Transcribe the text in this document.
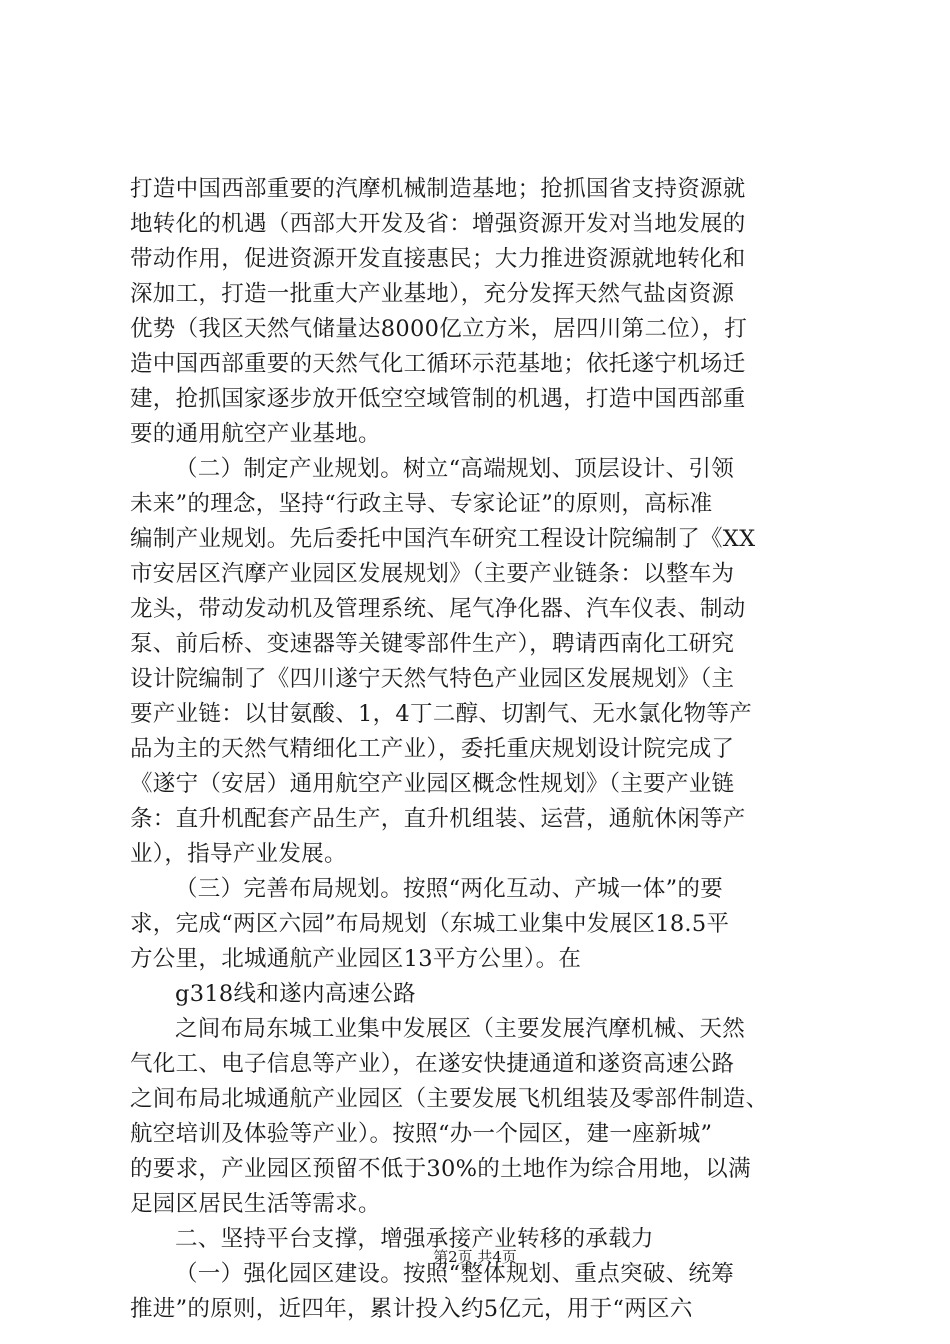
打造中国西部重要的汽摩机械制造基地；抢抓国省支持资源就
地转化的机遇（西部大开发及省：增强资源开发对当地发展的
带动作用，促进资源开发直接惠民；大力推进资源就地转化和
深加工，打造一批重大产业基地），充分发挥天然气盐卤资源
优势（我区天然气储量达8000亿立方米，居四川第二位），打
造中国西部重要的天然气化工循环示范基地；依托遂宁机场迁
建，抢抓国家逐步放开低空空域管制的机遇，打造中国西部重
要的通用航空产业基地。
（二）制定产业规划。树立“高端规划、顶层设计、引领
未来”的理念，坚持“行政主导、专家论证”的原则，高标准
编制产业规划。先后委托中国汽车研究工程设计院编制了《XX
市安居区汽摩产业园区发展规划》（主要产业链条：以整车为
龙头，带动发动机及管理系统、尾气净化器、汽车仪表、制动
泵、前后桥、变速器等关键零部件生产），聘请西南化工研究
设计院编制了《四川遂宁天然气特色产业园区发展规划》（主
要产业链：以甘氨酸、1，4丁二醇、切割气、无水氯化物等产
品为主的天然气精细化工产业），委托重庆规划设计院完成了
《遂宁（安居）通用航空产业园区概念性规划》（主要产业链
条：直升机配套产品生产，直升机组装、运营，通航休闲等产
业），指导产业发展。
（三）完善布局规划。按照“两化互动、产城一体”的要
求，完成“两区六园”布局规划（东城工业集中发展区18.5平
方公里，北城通航产业园区13平方公里）。在
g318线和遂内高速公路
之间布局东城工业集中发展区（主要发展汽摩机械、天然
气化工、电子信息等产业），在遂安快捷通道和遂资高速公路
之间布局北城通航产业园区（主要发展飞机组装及零部件制造、
航空培训及体验等产业）。按照“办一个园区，建一座新城”
的要求，产业园区预留不低于30%的土地作为综合用地，以满
足园区居民生活等需求。
二、坚持平台支撑，增强承接产业转移的承载力
（一）强化园区建设。按照“整体规划、重点突破、统筹
推进”的原则，近四年，累计投入约5亿元，用于“两区六
第2页 共4页
